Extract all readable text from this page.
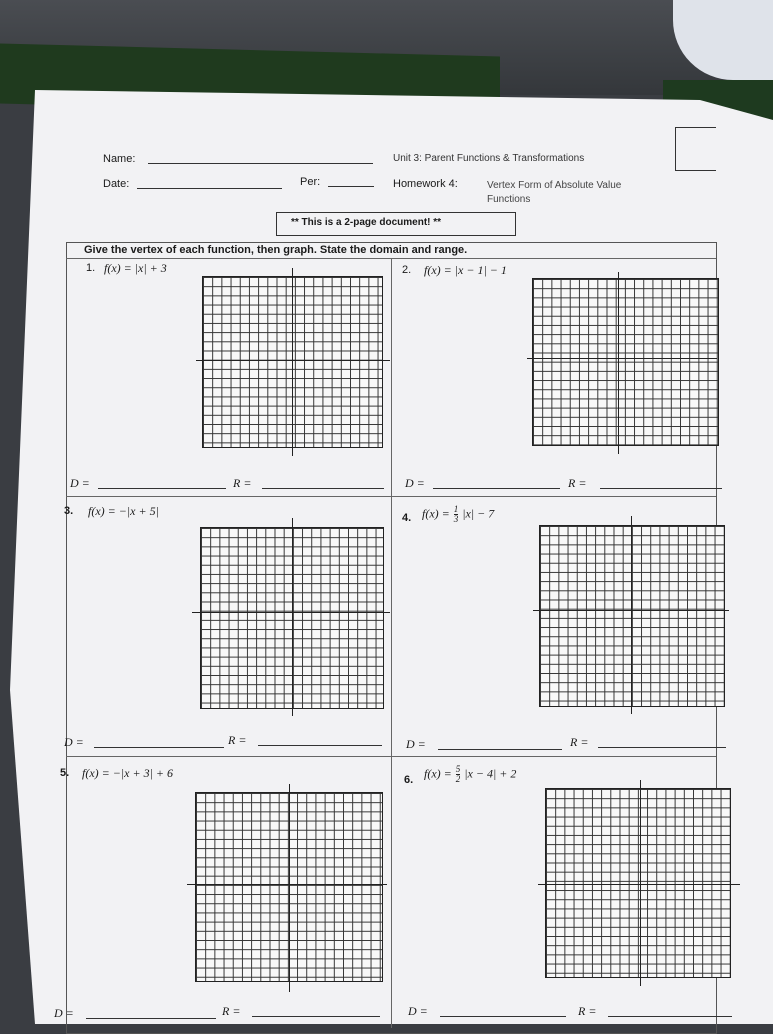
Name:
Date:	Per:
Unit 3: Parent Functions & Transformations
Homework 4:	Vertex Form of Absolute Value
Functions
** This is a 2-page document! **
Give the vertex of each function, then graph. State the domain and range.
1. f(x) = |x| + 3
D =	R =
2. f(x) = |x − 1| − 1
D =	R =
3. f(x) = −|x + 5|
D =	R =
4. $f(x) = \frac{1}{3} |x| - 7$
D =	R =
5. f(x) = −|x + 3| + 6
D =	R =
6. $f(x) = \frac{5}{2} |x - 4| + 2$
D =	R =
